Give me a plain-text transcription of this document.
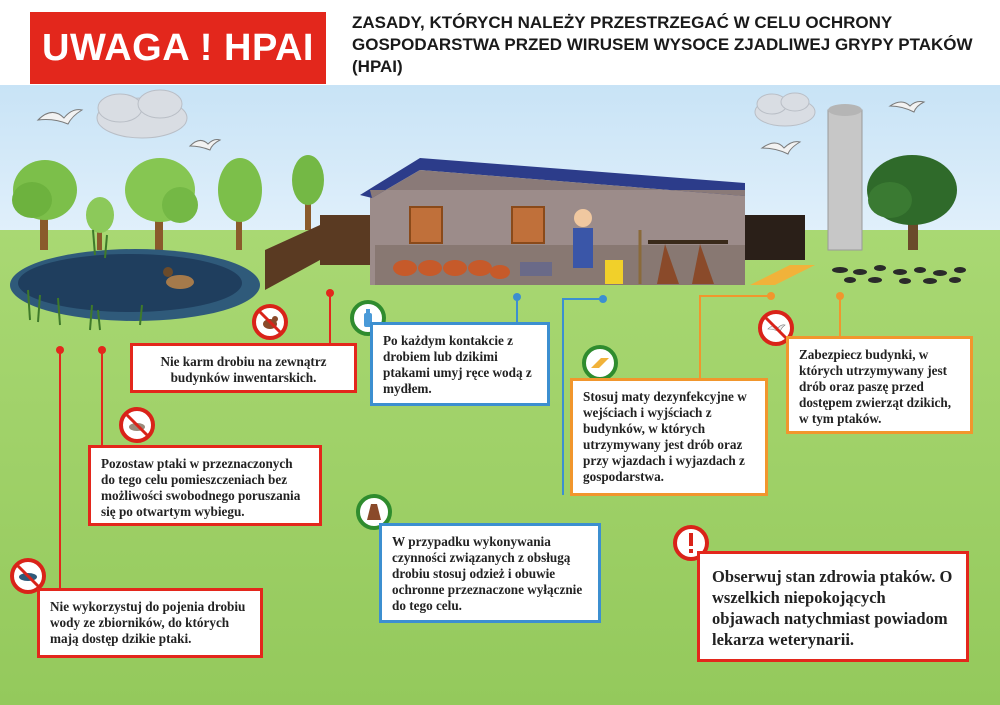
UWAGA ! HPAI
ZASADY, KTÓRYCH NALEŻY PRZESTRZEGAĆ W CELU OCHRONY GOSPODARSTWA PRZED WIRUSEM WYSOCE ZJADLIWEJ GRYPY PTAKÓW (HPAI)
Nie karm drobiu na zewnątrz budynków inwentarskich.
Po każdym kontakcie z drobiem lub dzikimi ptakami umyj ręce wodą z mydłem.
Pozostaw ptaki w przeznaczonych do tego celu pomieszczeniach bez możliwości swobodnego poruszania się po otwartym wybiegu.
Nie wykorzystuj do pojenia drobiu wody ze zbiorników, do których mają dostęp dzikie ptaki.
Stosuj maty dezynfekcyjne w wejściach i wyjściach z budynków, w których utrzymywany jest drób oraz przy wjazdach i wyjazdach z gospodarstwa.
Zabezpiecz budynki, w których utrzymywany jest drób oraz paszę przed dostępem zwierząt dzikich, w tym ptaków.
W przypadku wykonywania czynności związanych z obsługą drobiu stosuj odzież i obuwie ochronne przeznaczone wyłącznie do tego celu.
Obserwuj stan zdrowia ptaków. O wszelkich niepokojących objawach natychmiast powiadom lekarza weterynarii.
